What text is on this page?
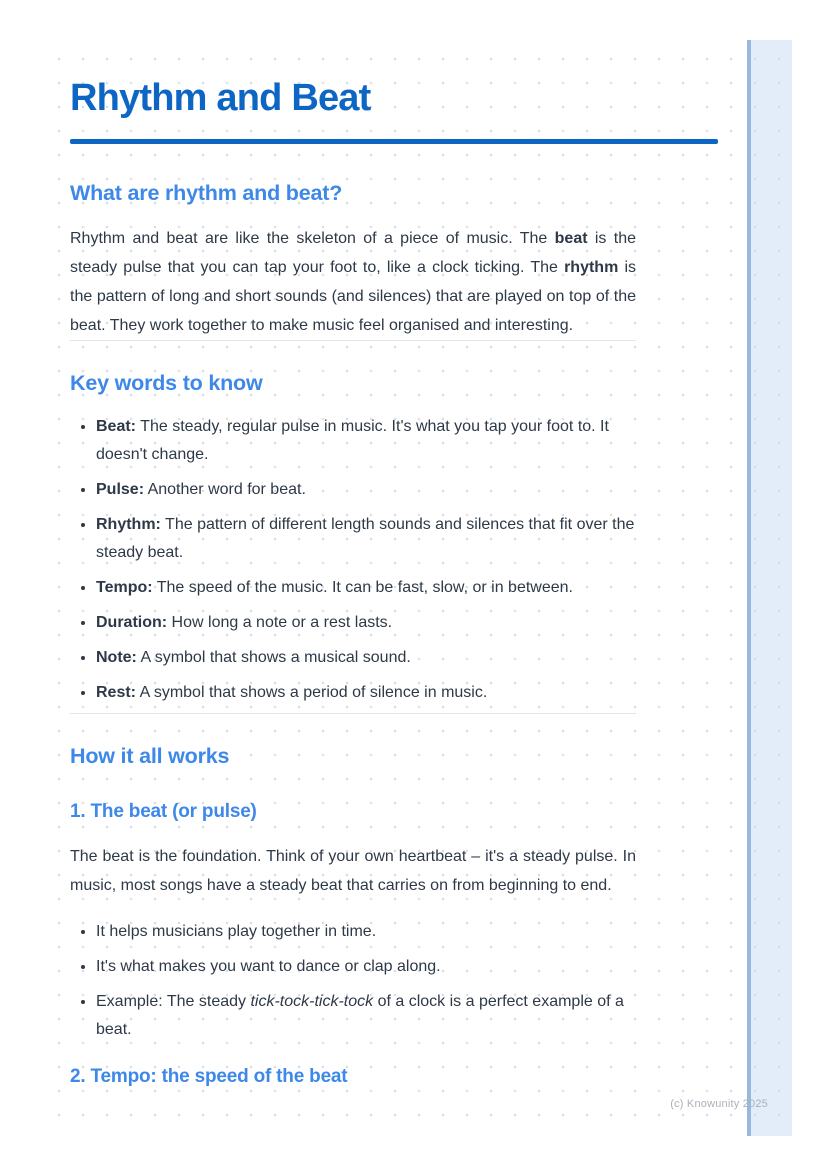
Rhythm and Beat
What are rhythm and beat?

Rhythm and beat are like the skeleton of a piece of music. The beat is the steady pulse that you can tap your foot to, like a clock ticking. The rhythm is the pattern of long and short sounds (and silences) that are played on top of the beat. They work together to make music feel organised and interesting.

Key words to know
• Beat: The steady, regular pulse in music. It's what you tap your foot to. It doesn't change.
• Pulse: Another word for beat.
• Rhythm: The pattern of different length sounds and silences that fit over the steady beat.
• Tempo: The speed of the music. It can be fast, slow, or in between.
• Duration: How long a note or a rest lasts.
• Note: A symbol that shows a musical sound.
• Rest: A symbol that shows a period of silence in music.
How it all works
1. The beat (or pulse)

The beat is the foundation. Think of your own heartbeat – it's a steady pulse. In music, most songs have a steady beat that carries on from beginning to end.

• It helps musicians play together in time.
• It's what makes you want to dance or clap along.
• Example: The steady tick-tock-tick-tock of a clock is a perfect example of a beat.
2. Tempo: the speed of the beat
(c) Knowunity 2025
